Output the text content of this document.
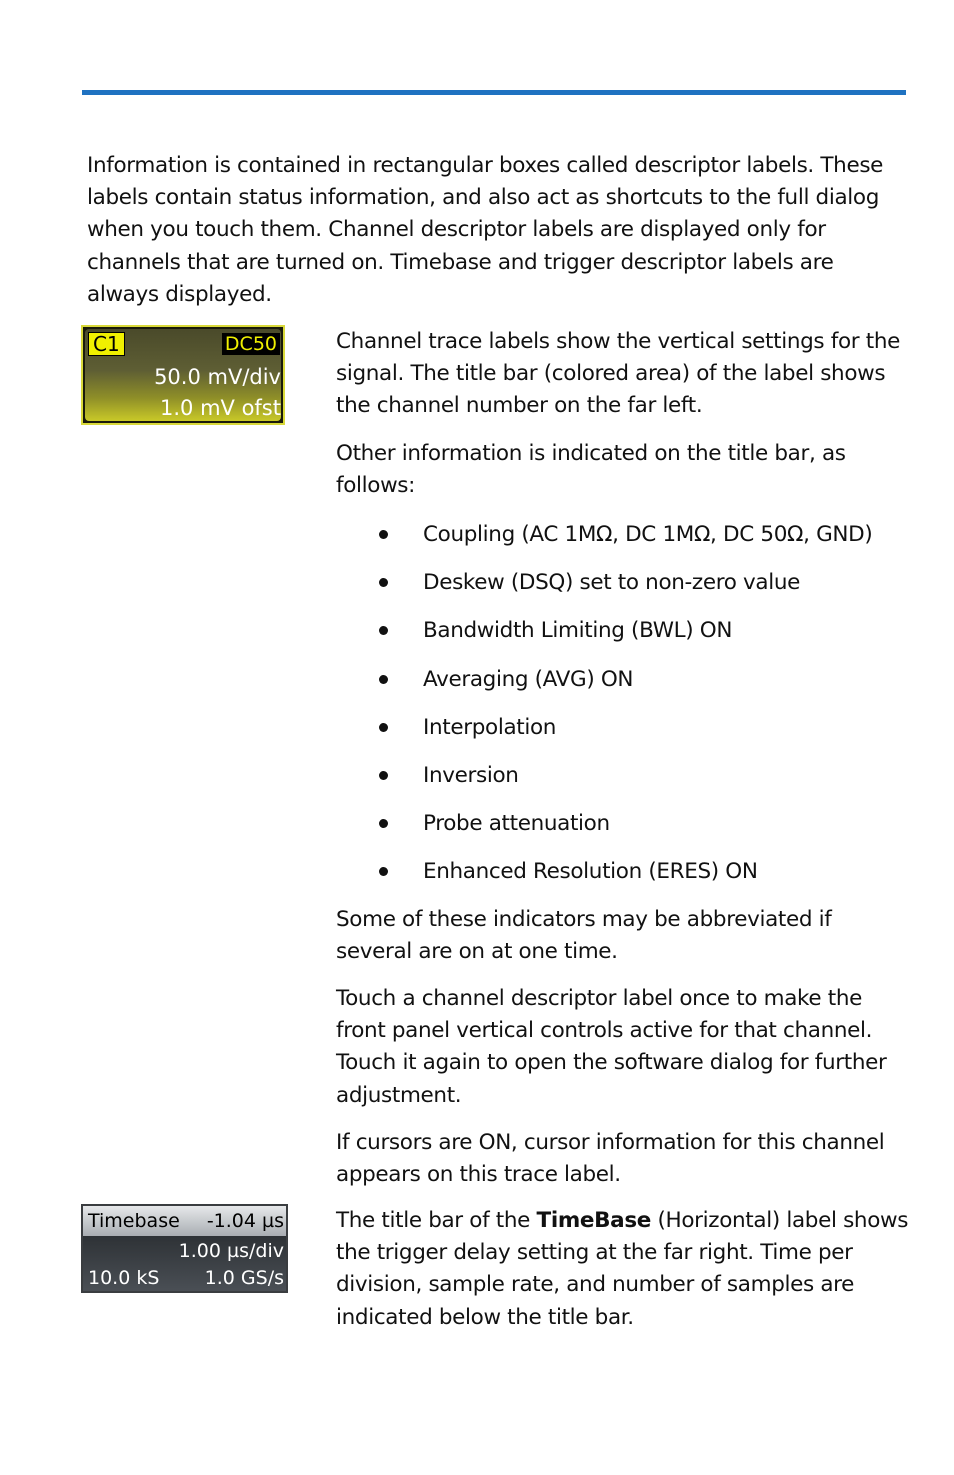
Information is contained in rectangular boxes called descriptor labels. These labels contain status information, and also act as shortcuts to the full dialog when you touch them. Channel descriptor labels are displayed only for channels that are turned on. Timebase and trigger descriptor labels are always displayed.

C1	DC50
50.0 mV/div
1.0 mV ofst

Channel trace labels show the vertical settings for the signal. The title bar (colored area) of the label shows the channel number on the far left.

Other information is indicated on the title bar, as follows:

Coupling (AC 1MΩ, DC 1MΩ, DC 50Ω, GND)
Deskew (DSQ) set to non-zero value
Bandwidth Limiting (BWL) ON
Averaging (AVG) ON
Interpolation
Inversion
Probe attenuation
Enhanced Resolution (ERES) ON

Some of these indicators may be abbreviated if several are on at one time.

Touch a channel descriptor label once to make the front panel vertical controls active for that channel. Touch it again to open the software dialog for further adjustment.

If cursors are ON, cursor information for this channel appears on this trace label.

Timebase -1.04 µs
1.00 µs/div
10.0 kS 1.0 GS/s

The title bar of the TimeBase (Horizontal) label shows the trigger delay setting at the far right. Time per division, sample rate, and number of samples are indicated below the title bar.
